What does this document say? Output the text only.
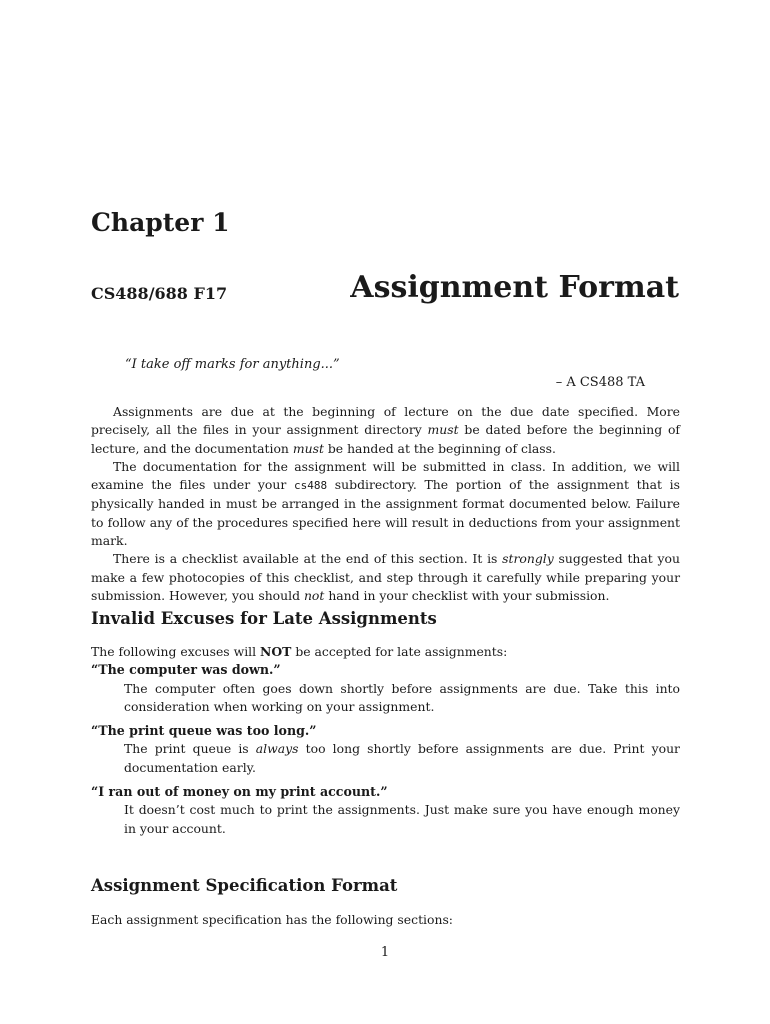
Chapter 1
CS488/688 F17	Assignment Format
“I take off marks for anything...”
– A CS488 TA

Assignments are due at the beginning of lecture on the due date specified. More precisely, all the files in your assignment directory must be dated before the beginning of lecture, and the documentation must be handed at the beginning of class.

The documentation for the assignment will be submitted in class. In addition, we will examine the files under your cs488 subdirectory. The portion of the assignment that is physically handed in must be arranged in the assignment format documented below. Failure to follow any of the procedures specified here will result in deductions from your assignment mark.

There is a checklist available at the end of this section. It is strongly suggested that you make a few photocopies of this checklist, and step through it carefully while preparing your submission. However, you should not hand in your checklist with your submission.

Invalid Excuses for Late Assignments

The following excuses will NOT be accepted for late assignments:

“The computer was down.”
The computer often goes down shortly before assignments are due. Take this into consideration when working on your assignment.
“The print queue was too long.”
The print queue is always too long shortly before assignments are due. Print your documentation early.
“I ran out of money on my print account.”
It doesn’t cost much to print the assignments. Just make sure you have enough money in your account.
Assignment Specification Format

Each assignment specification has the following sections:

1
